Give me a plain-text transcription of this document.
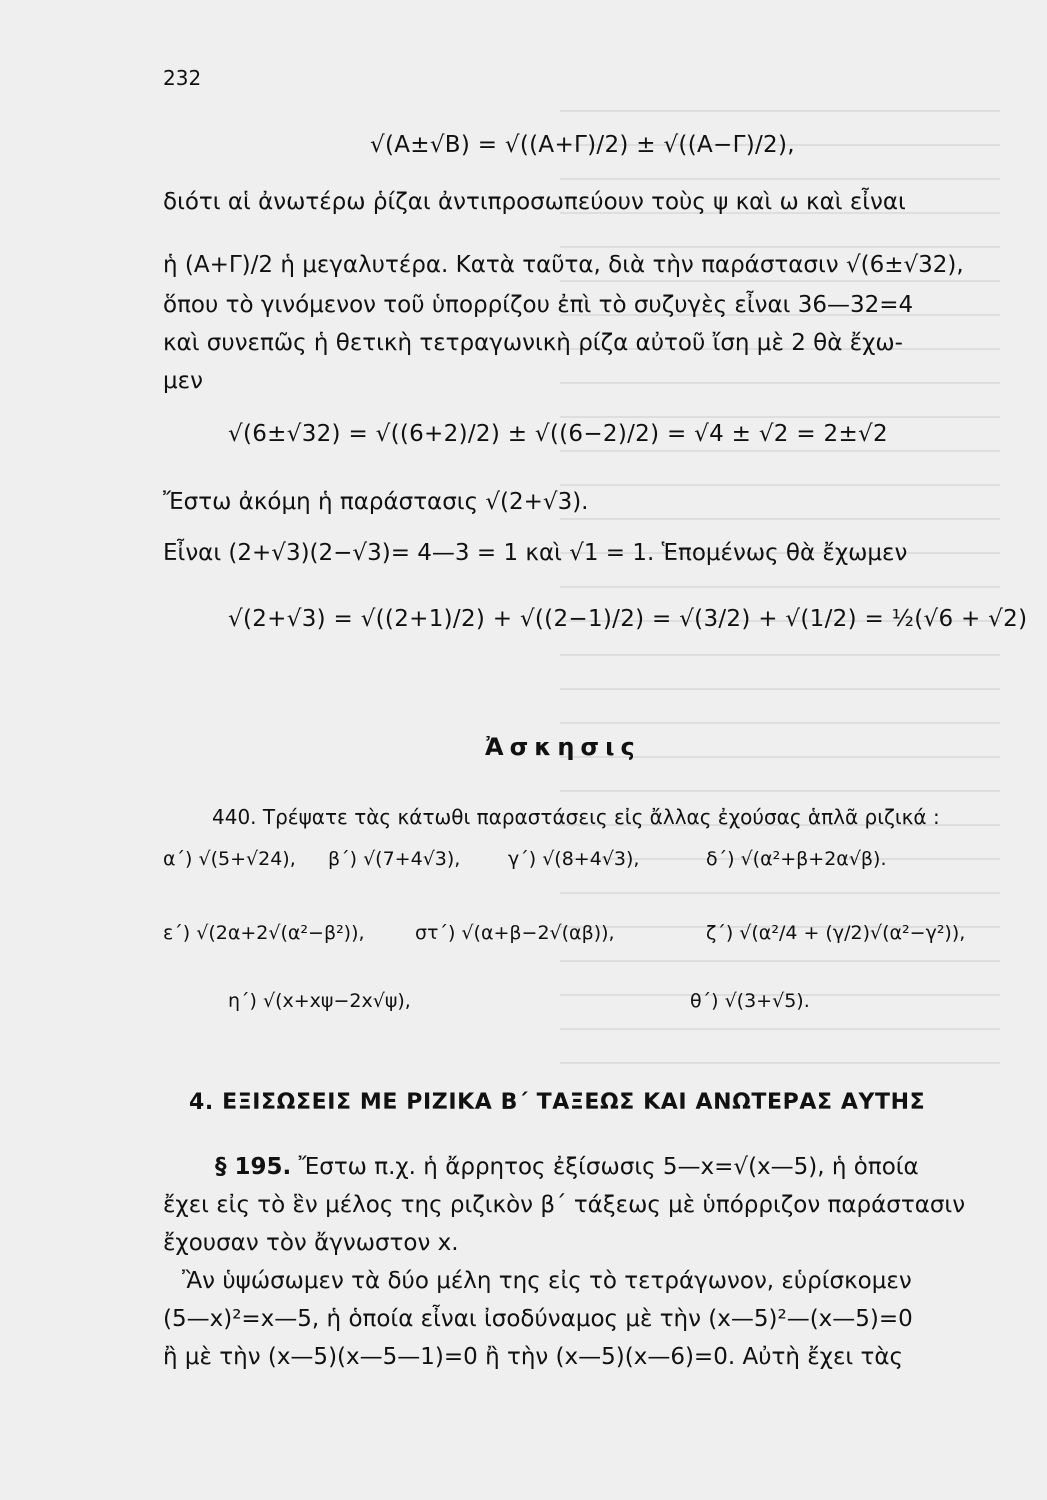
232
√(Α±√Β) = √((Α+Γ)/2) ± √((Α−Γ)/2),
διότι αἱ ἀνωτέρω ῥίζαι ἀντιπροσωπεύουν τοὺς ψ καὶ ω καὶ εἶναι
ἡ (Α+Γ)/2 ἡ μεγαλυτέρα. Κατὰ ταῦτα, διὰ τὴν παράστασιν √(6±√32),
ὅπου τὸ γινόμενον τοῦ ὑπορρίζου ἐπὶ τὸ συζυγὲς εἶναι 36—32=4
καὶ συνεπῶς ἡ θετικὴ τετραγωνικὴ ρίζα αὐτοῦ ἴση μὲ 2 θὰ ἔχω-
μεν
√(6±√32) = √((6+2)/2) ± √((6−2)/2) = √4 ± √2 = 2±√2
Ἔστω ἀκόμη ἡ παράστασις √(2+√3).
Εἶναι (2+√3)(2−√3)= 4—3 = 1 καὶ √1 = 1. Ἑπομένως θὰ ἔχωμεν
√(2+√3) = √((2+1)/2) + √((2−1)/2) = √(3/2) + √(1/2) = ½(√6 + √2)
Ἀσκησις
440. Τρέψατε τὰς κάτωθι παραστάσεις εἰς ἄλλας ἐχούσας ἁπλᾶ ριζικά :
α΄) √(5+√24), β΄) √(7+4√3),	γ΄) √(8+4√3),	δ΄) √(α²+β+2α√β).
ε΄) √(2α+2√(α²−β²)),	στ΄) √(α+β−2√(αβ)),	ζ΄) √(α²/4 + (γ/2)√(α²−γ²)),
η΄) √(x+xψ−2x√ψ),	θ΄) √(3+√5).
4. ΕΞΙΣΩΣΕΙΣ ΜΕ ΡΙΖΙΚΑ Β΄ ΤΑΞΕΩΣ ΚΑΙ ΑΝΩΤΕΡΑΣ ΑΥΤΗΣ
§ 195. Ἔστω π.χ. ἡ ἄρρητος ἐξίσωσις 5—x=√(x—5), ἡ ὁποία
ἔχει εἰς τὸ ἓν μέλος της ριζικὸν β΄ τάξεως μὲ ὑπόρριζον παράστασιν
ἔχουσαν τὸν ἄγνωστον x.
Ἂν ὑψώσωμεν τὰ δύο μέλη της εἰς τὸ τετράγωνον, εὑρίσκομεν
(5—x)²=x—5, ἡ ὁποία εἶναι ἰσοδύναμος μὲ τὴν (x—5)²—(x—5)=0
ἢ μὲ τὴν (x—5)(x—5—1)=0 ἢ τὴν (x—5)(x—6)=0. Αὐτὴ ἔχει τὰς
